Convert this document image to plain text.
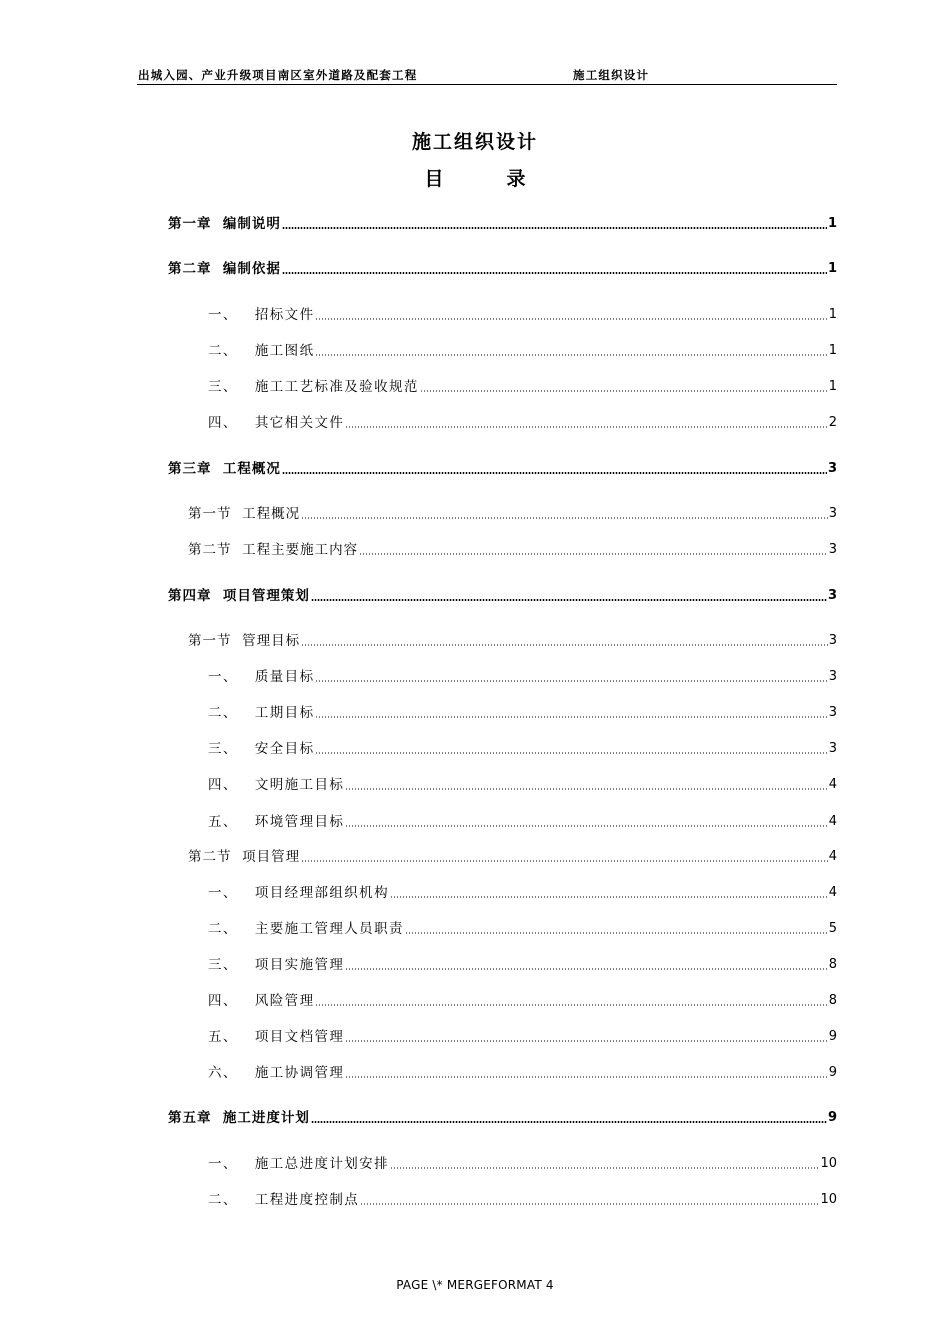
出城入园、产业升级项目南区室外道路及配套工程	施工组织设计
施工组织设计
目　录
第一章  编制说明	1
第二章  编制依据	1
一、   招标文件	1
二、   施工图纸	1
三、   施工工艺标准及验收规范	1
四、   其它相关文件	2
第三章  工程概况	3
第一节  工程概况	3
第二节  工程主要施工内容	3
第四章  项目管理策划	3
第一节  管理目标	3
一、   质量目标	3
二、   工期目标	3
三、   安全目标	3
四、   文明施工目标	4
五、   环境管理目标	4
第二节  项目管理	4
一、   项目经理部组织机构	4
二、   主要施工管理人员职责	5
三、   项目实施管理	8
四、   风险管理	8
五、   项目文档管理	9
六、   施工协调管理	9
第五章  施工进度计划	9
一、   施工总进度计划安排	10
二、   工程进度控制点	10
PAGE \* MERGEFORMAT 4
